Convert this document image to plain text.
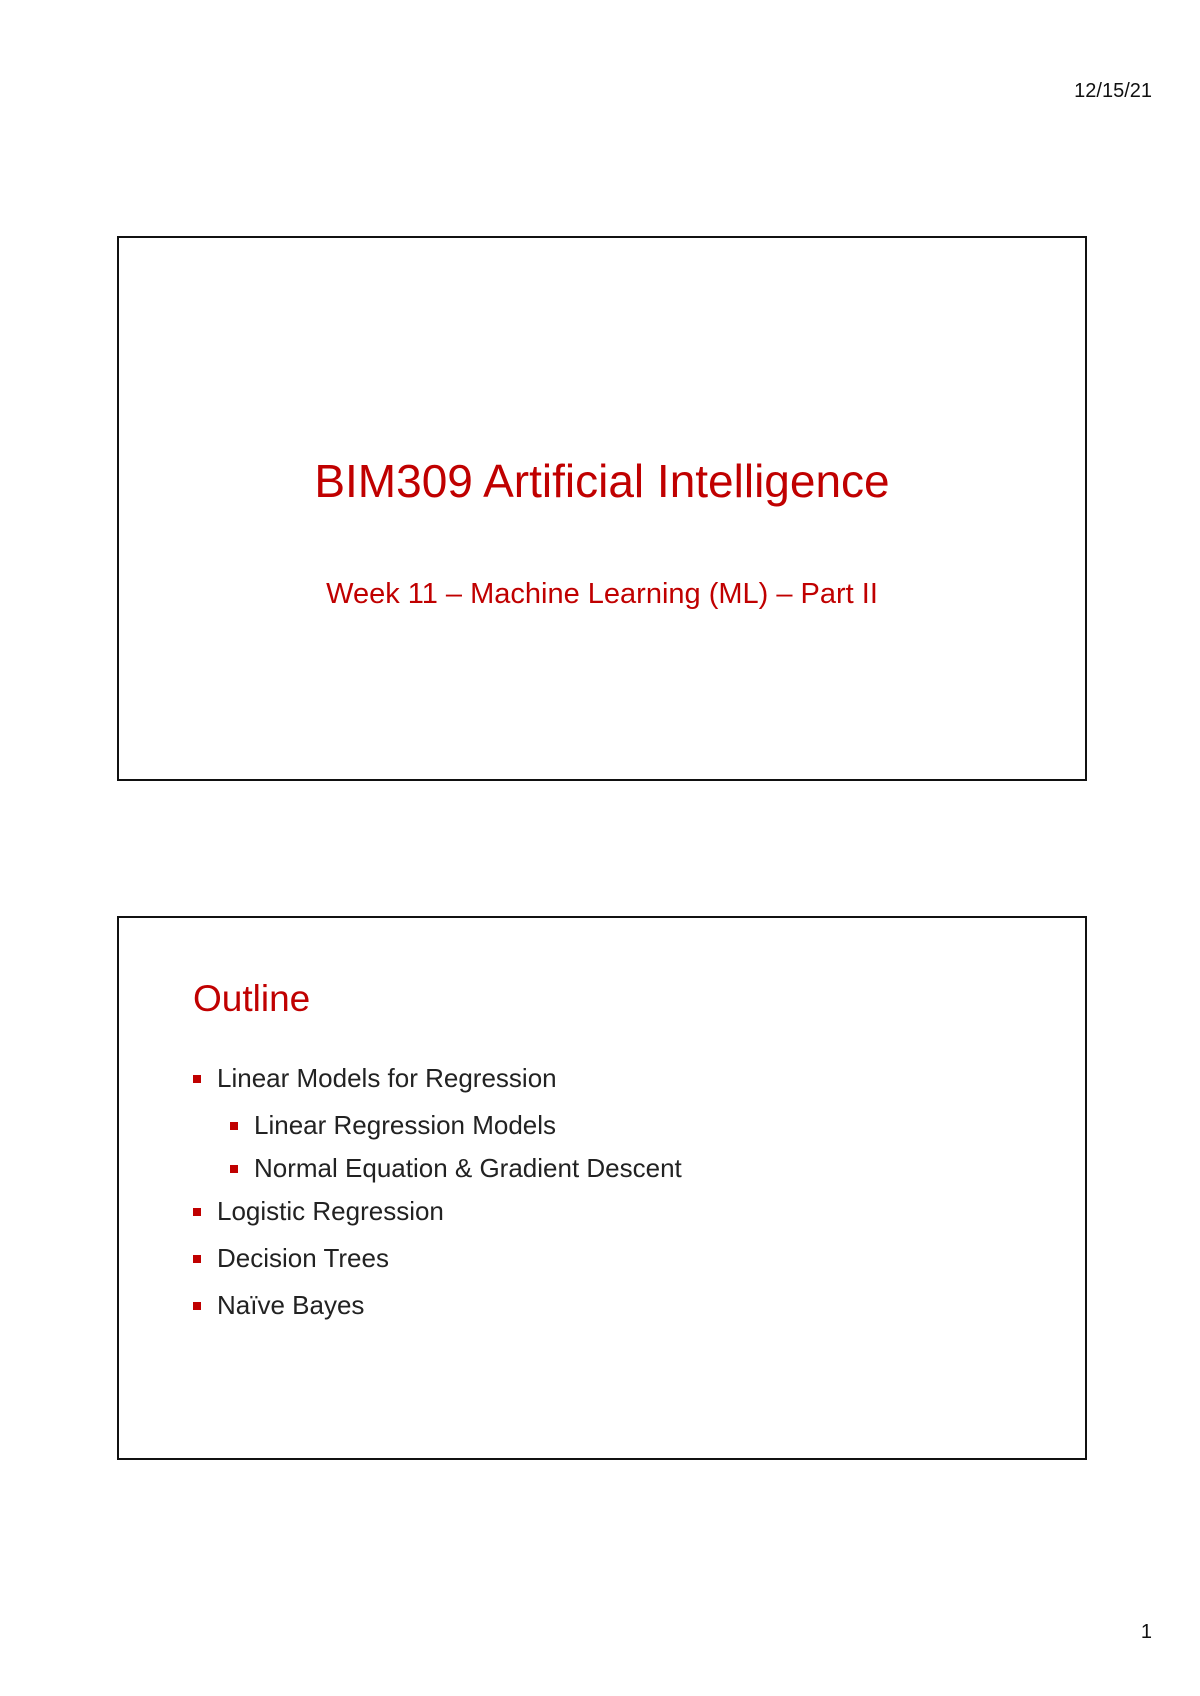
12/15/21
BIM309 Artificial Intelligence
Week 11 – Machine Learning (ML) – Part II
Outline
Linear Models for Regression
Linear Regression Models
Normal Equation & Gradient Descent
Logistic Regression
Decision Trees
Naïve Bayes
1
